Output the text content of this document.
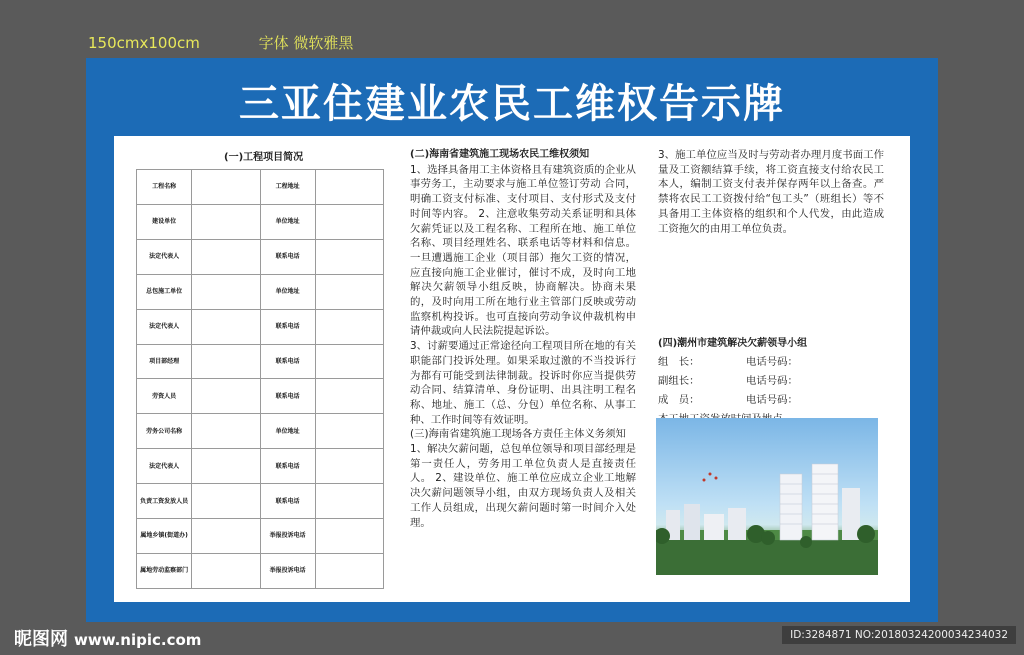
150cmx100cm	字体 微软雅黑
三亚住建业农民工维权告示牌
(一)工程项目简况
工程名称		工程地址	
建设单位		单位地址	
法定代表人		联系电话	
总包施工单位		单位地址	
法定代表人		联系电话	
项目部经理		联系电话	
劳资人员		联系电话	
劳务公司名称		单位地址	
法定代表人		联系电话	
负责工资发放人员		联系电话	
属地乡镇(街道办)		举报投诉电话	
属地劳动监察部门		举报投诉电话	

(二)海南省建筑施工现场农民工维权须知

1、选择具备用工主体资格且有建筑资质的企业从事劳务工，主动要求与施工单位签订劳动 合同，明确工资支付标准、支付项目、支付形式及支付时间等内容。 2、注意收集劳动关系证明和具体欠薪凭证以及工程名称、工程所在地、施工单位名称、项目经理姓名、联系电话等材料和信息。一旦遭遇施工企业（项目部）拖欠工资的情况，应直接向施工企业催讨，催讨不成，及时向工地解决欠薪领导小组反映，协商解决。协商未果的，及时向用工所在地行业主管部门反映或劳动监察机构投诉。也可直接向劳动争议仲裁机构申请仲裁或向人民法院提起诉讼。

3、讨薪要通过正常途径向工程项目所在地的有关职能部门投诉处理。如果采取过激的不当投诉行为都有可能受到法律制裁。投诉时你应当提供劳动合同、结算清单、身份证明、出具注明工程名称、地址、施工（总、分包）单位名称、从事工种、工作时间等有效证明。

(三)海南省建筑施工现场各方责任主体义务须知

1、解决欠薪问题，总包单位领导和项目部经理是第一责任人，劳务用工单位负责人是直接责任人。 2、建设单位、施工单位应成立企业工地解决欠薪问题领导小组，由双方现场负责人及相关工作人员组成，出现欠薪问题时第一时间介入处理。

3、施工单位应当及时与劳动者办理月度书面工作量及工资额结算手续，将工资直接支付给农民工本人，编制工资支付表并保存两年以上备查。严禁将农民工工资拨付给“包工头”（班组长）等不具备用工主体资格的组织和个人代发，由此造成工资拖欠的由用工单位负责。

(四)潮州市建筑解决欠薪领导小组
组　长：	电话号码：
副组长：	电话号码：
成　员：	电话号码：
昵图网 www.nipic.com	ID:3284871 NO:20180324200034234032
